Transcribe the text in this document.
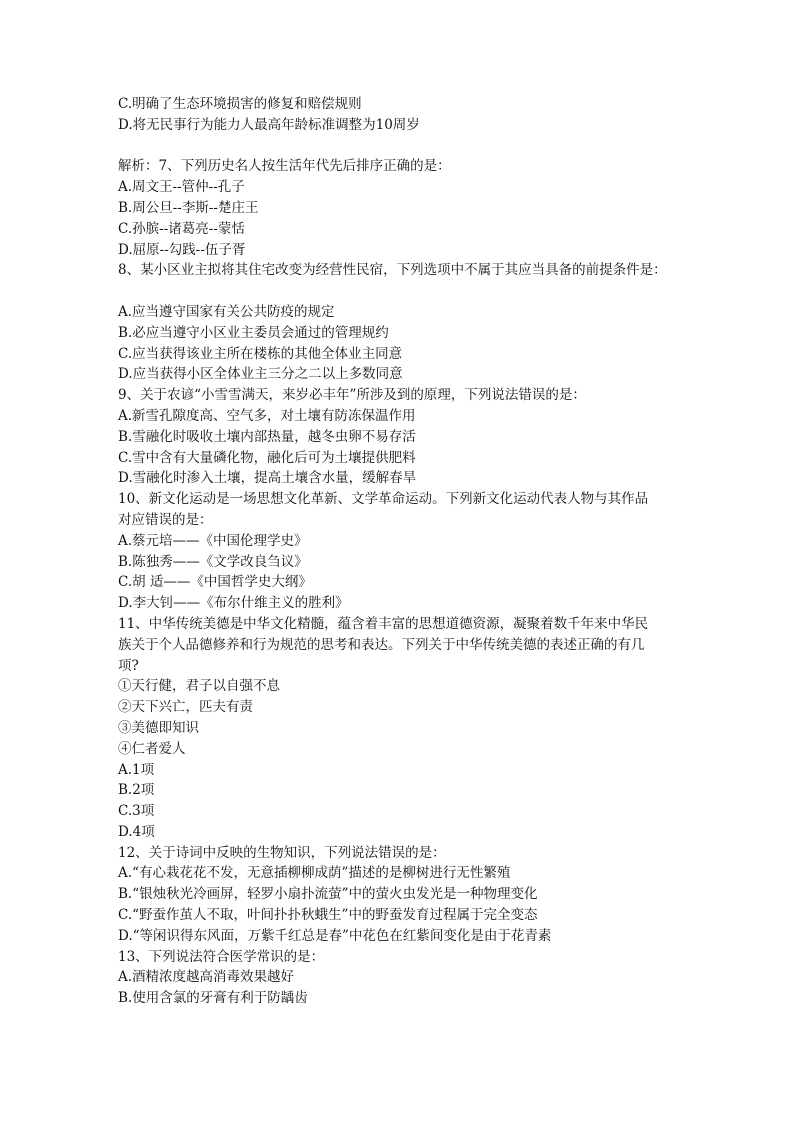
C.明确了生态环境损害的修复和赔偿规则
D.将无民事行为能力人最高年龄标准调整为10周岁
解析：7、下列历史名人按生活年代先后排序正确的是：
A.周文王--管仲--孔子
B.周公旦--李斯--楚庄王
C.孙膑--诸葛亮--蒙恬
D.屈原--勾践--伍子胥
8、某小区业主拟将其住宅改变为经营性民宿，下列选项中不属于其应当具备的前提条件是：
A.应当遵守国家有关公共防疫的规定
B.必应当遵守小区业主委员会通过的管理规约
C.应当获得该业主所在楼栋的其他全体业主同意
D.应当获得小区全体业主三分之二以上多数同意
9、关于农谚“小雪雪满天，来岁必丰年”所涉及到的原理，下列说法错误的是：
A.新雪孔隙度高、空气多，对土壤有防冻保温作用
B.雪融化时吸收土壤内部热量，越冬虫卵不易存活
C.雪中含有大量磷化物，融化后可为土壤提供肥料
D.雪融化时渗入土壤，提高土壤含水量，缓解春旱
10、新文化运动是一场思想文化革新、文学革命运动。下列新文化运动代表人物与其作品
对应错误的是：
A.蔡元培——《中国伦理学史》
B.陈独秀——《文学改良刍议》
C.胡 适——《中国哲学史大纲》
D.李大钊——《布尔什维主义的胜利》
11、中华传统美德是中华文化精髓，蕴含着丰富的思想道德资源，凝聚着数千年来中华民
族关于个人品德修养和行为规范的思考和表达。下列关于中华传统美德的表述正确的有几
项?
①天行健，君子以自强不息
②天下兴亡，匹夫有责
③美德即知识
④仁者爱人
A.1项
B.2项
C.3项
D.4项
12、关于诗词中反映的生物知识，下列说法错误的是：
A.“有心栽花花不发，无意插柳柳成荫”描述的是柳树进行无性繁殖
B.“银烛秋光冷画屏，轻罗小扇扑流萤”中的萤火虫发光是一种物理变化
C.“野蚕作茧人不取，叶间扑扑秋蛾生”中的野蚕发育过程属于完全变态
D.“等闲识得东风面，万紫千红总是春”中花色在红紫间变化是由于花青素
13、下列说法符合医学常识的是：
A.酒精浓度越高消毒效果越好
B.使用含氯的牙膏有利于防龋齿
